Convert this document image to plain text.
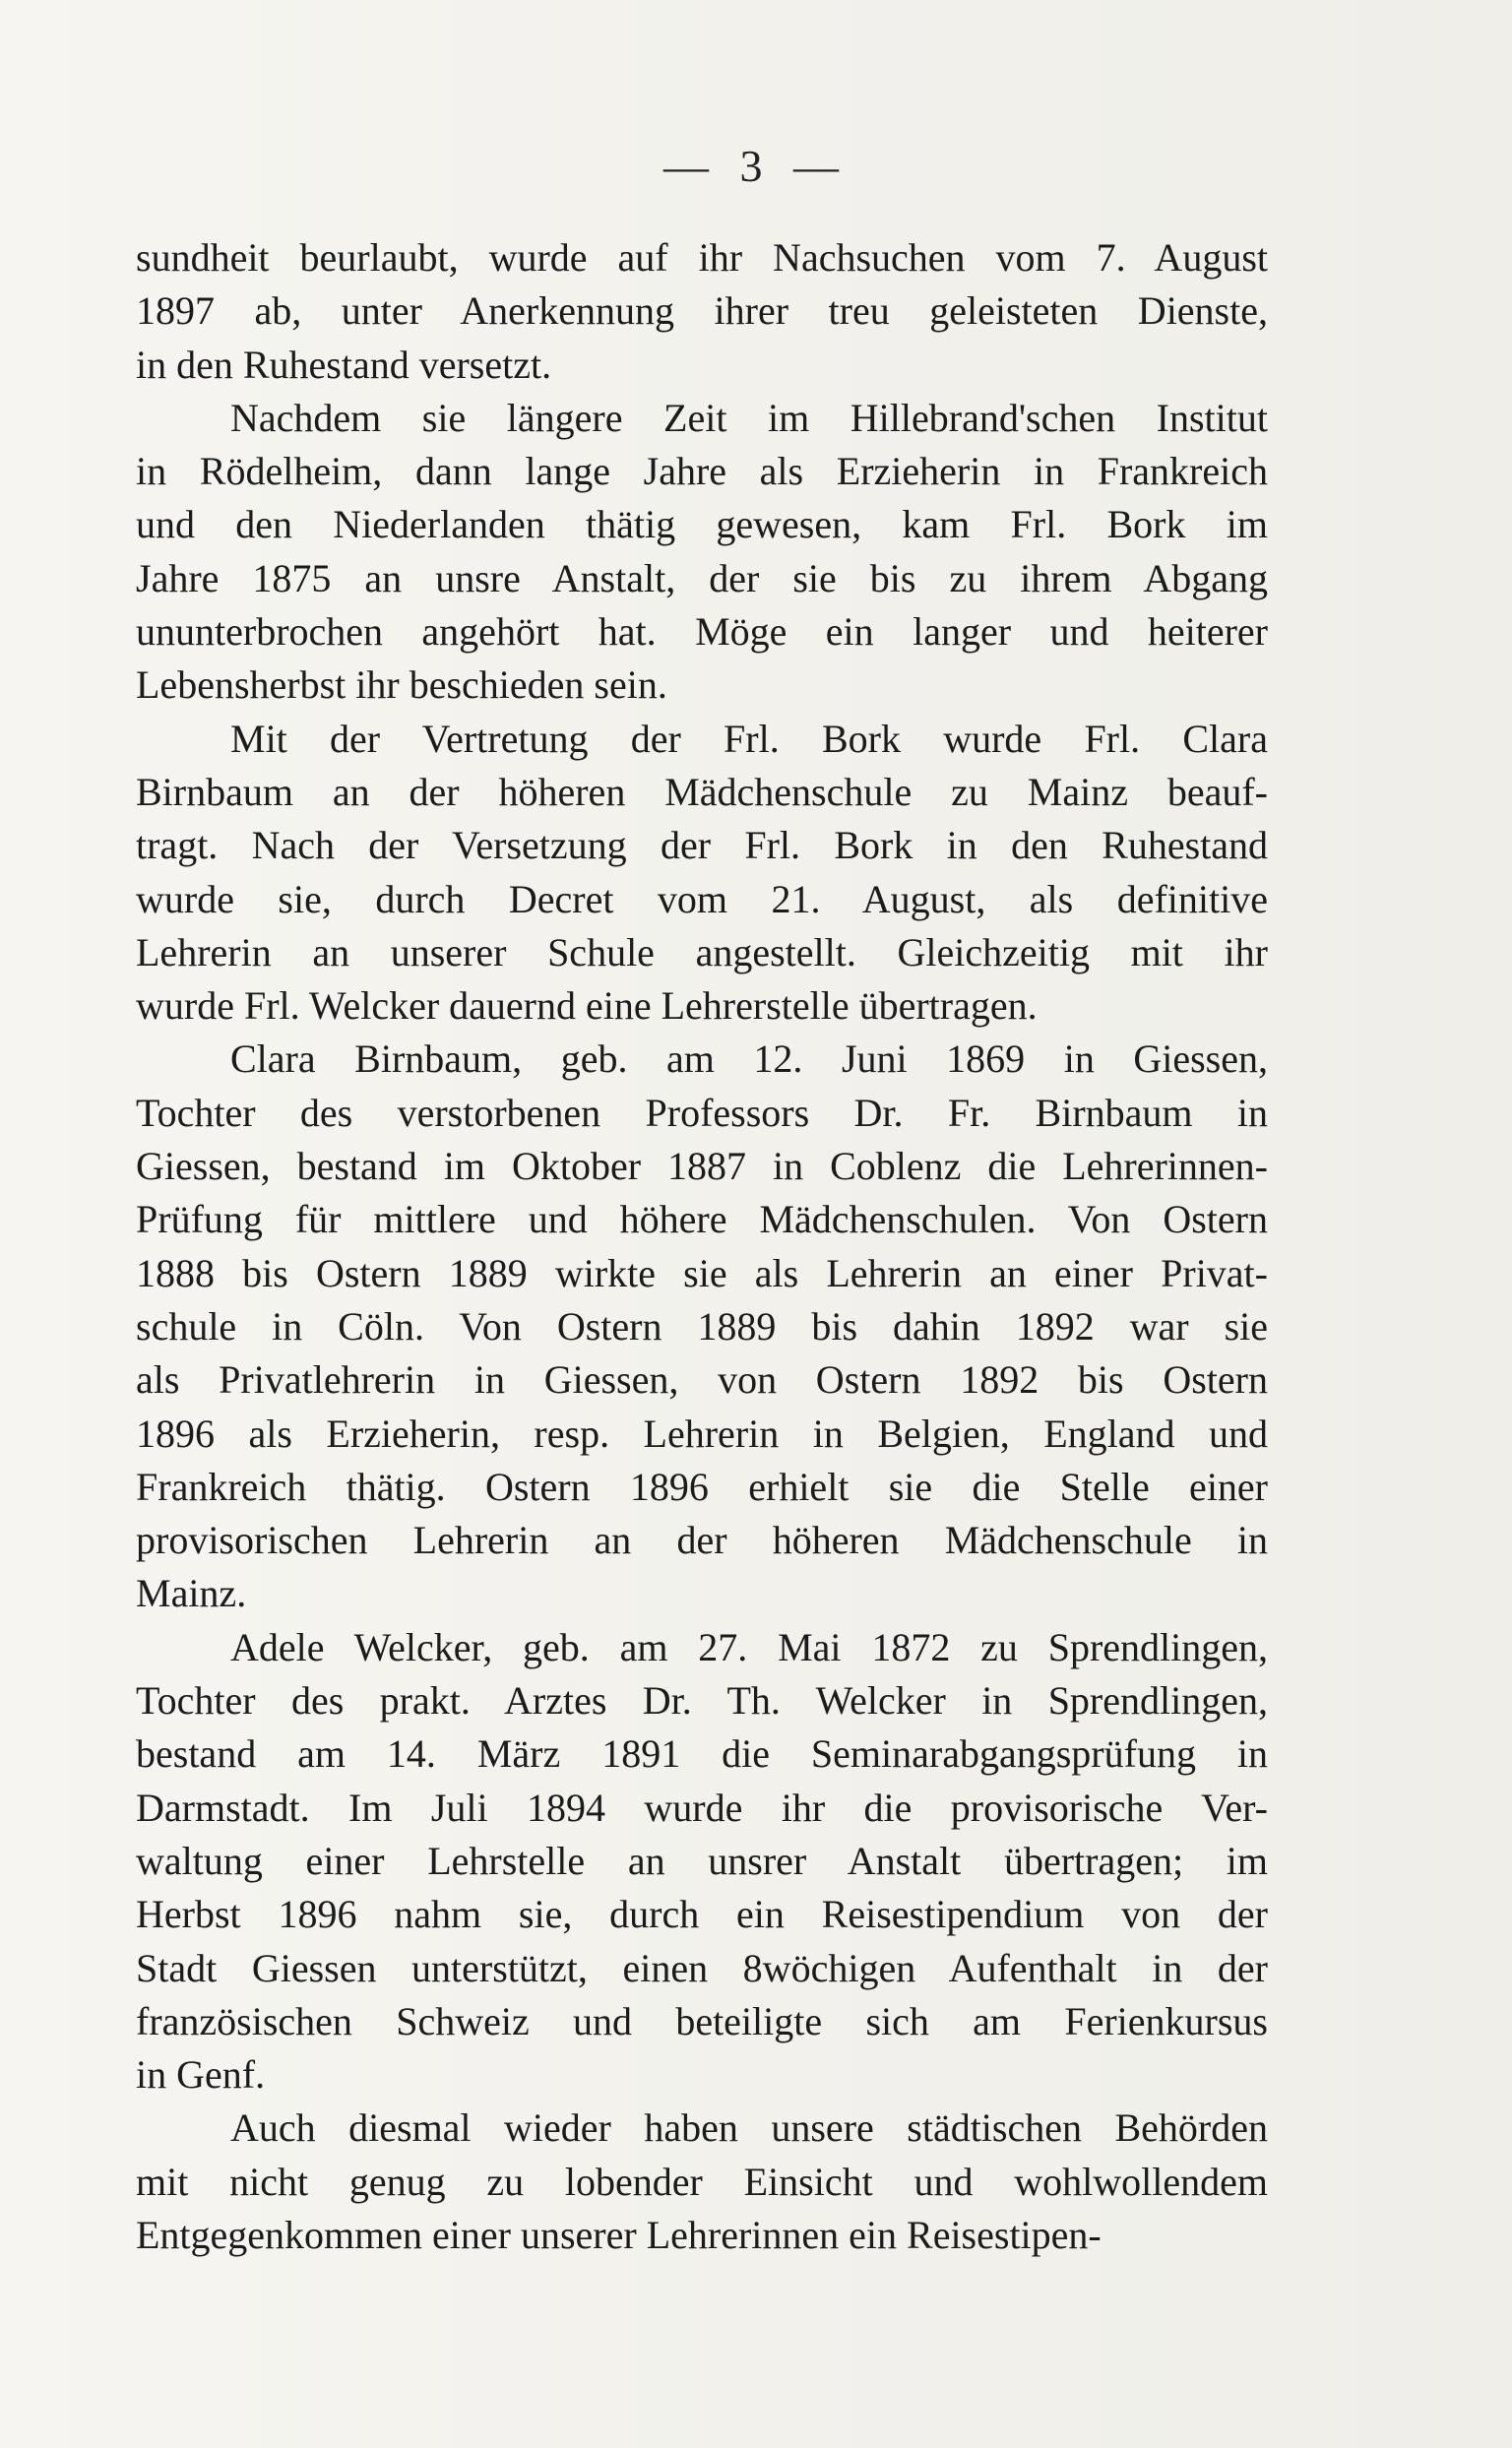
— 3 —
sundheit beurlaubt, wurde auf ihr Nachsuchen vom 7. August
1897 ab, unter Anerkennung ihrer treu geleisteten Dienste,
in den Ruhestand versetzt.
Nachdem sie längere Zeit im Hillebrand'schen Institut
in Rödelheim, dann lange Jahre als Erzieherin in Frankreich
und den Niederlanden thätig gewesen, kam Frl. Bork im
Jahre 1875 an unsre Anstalt, der sie bis zu ihrem Abgang
ununterbrochen angehört hat. Möge ein langer und heiterer
Lebensherbst ihr beschieden sein.
Mit der Vertretung der Frl. Bork wurde Frl. Clara
Birnbaum an der höheren Mädchenschule zu Mainz beauf-
tragt. Nach der Versetzung der Frl. Bork in den Ruhestand
wurde sie, durch Decret vom 21. August, als definitive
Lehrerin an unserer Schule angestellt. Gleichzeitig mit ihr
wurde Frl. Welcker dauernd eine Lehrerstelle übertragen.
Clara Birnbaum, geb. am 12. Juni 1869 in Giessen,
Tochter des verstorbenen Professors Dr. Fr. Birnbaum in
Giessen, bestand im Oktober 1887 in Coblenz die Lehrerinnen-
Prüfung für mittlere und höhere Mädchenschulen. Von Ostern
1888 bis Ostern 1889 wirkte sie als Lehrerin an einer Privat-
schule in Cöln. Von Ostern 1889 bis dahin 1892 war sie
als Privatlehrerin in Giessen, von Ostern 1892 bis Ostern
1896 als Erzieherin, resp. Lehrerin in Belgien, England und
Frankreich thätig. Ostern 1896 erhielt sie die Stelle einer
provisorischen Lehrerin an der höheren Mädchenschule in
Mainz.
Adele Welcker, geb. am 27. Mai 1872 zu Sprendlingen,
Tochter des prakt. Arztes Dr. Th. Welcker in Sprendlingen,
bestand am 14. März 1891 die Seminarabgangsprüfung in
Darmstadt. Im Juli 1894 wurde ihr die provisorische Ver-
waltung einer Lehrstelle an unsrer Anstalt übertragen; im
Herbst 1896 nahm sie, durch ein Reisestipendium von der
Stadt Giessen unterstützt, einen 8wöchigen Aufenthalt in der
französischen Schweiz und beteiligte sich am Ferienkursus
in Genf.
Auch diesmal wieder haben unsere städtischen Behörden
mit nicht genug zu lobender Einsicht und wohlwollendem
Entgegenkommen einer unserer Lehrerinnen ein Reisestipen-
